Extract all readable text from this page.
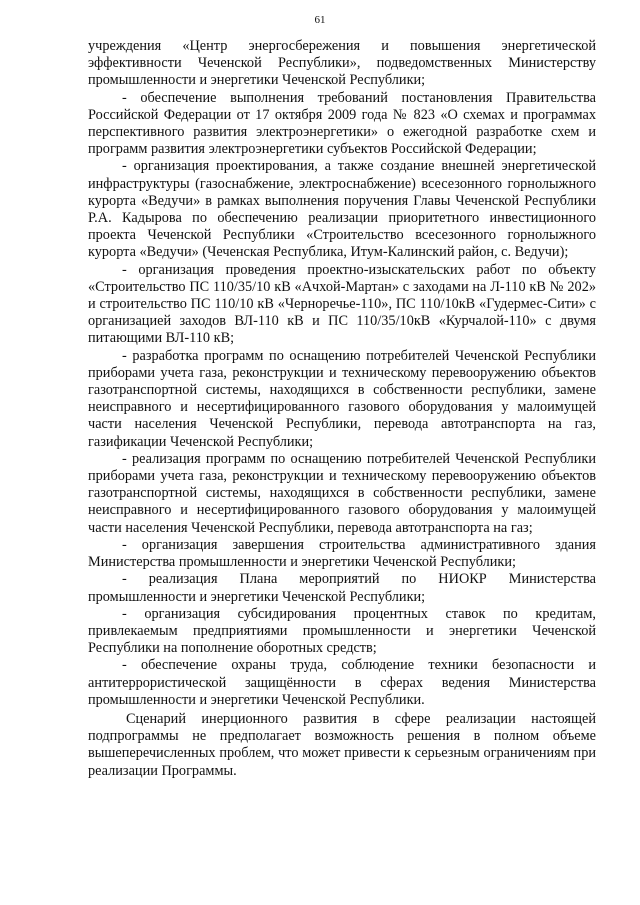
61

учреждения «Центр энергосбережения и повышения энергетической эффективности Чеченской Республики», подведомственных Министерству промышленности и энергетики Чеченской Республики;

- обеспечение выполнения требований постановления Правительства Российской Федерации от 17 октября 2009 года № 823 «О схемах и программах перспективного развития электроэнергетики» о ежегодной разработке схем и программ развития электроэнергетики субъектов Российской Федерации;

- организация проектирования, а также создание внешней энергетической инфраструктуры (газоснабжение, электроснабжение) всесезонного горнолыжного курорта «Ведучи» в рамках выполнения поручения Главы Чеченской Республики Р.А. Кадырова по обеспечению реализации приоритетного инвестиционного проекта Чеченской Республики «Строительство всесезонного горнолыжного курорта «Ведучи» (Чеченская Республика, Итум-Калинский район, с. Ведучи);

- организация проведения проектно-изыскательских работ по объекту «Строительство ПС 110/35/10 кВ «Ачхой-Мартан» с заходами на Л-110 кВ № 202» и строительство ПС 110/10 кВ «Черноречье-110», ПС 110/10кВ «Гудермес-Сити» с организацией заходов ВЛ-110 кВ и ПС 110/35/10кВ «Курчалой-110» с двумя питающими ВЛ-110 кВ;

- разработка программ по оснащению потребителей Чеченской Республики приборами учета газа, реконструкции и техническому перевооружению объектов газотранспортной системы, находящихся в собственности республики, замене неисправного и несертифицированного газового оборудования у малоимущей части населения Чеченской Республики, перевода автотранспорта на газ, газификации Чеченской Республики;

- реализация программ по оснащению потребителей Чеченской Республики приборами учета газа, реконструкции и техническому перевооружению объектов газотранспортной системы, находящихся в собственности республики, замене неисправного и несертифицированного газового оборудования у малоимущей части населения Чеченской Республики, перевода автотранспорта на газ;

- организация завершения строительства административного здания Министерства промышленности и энергетики Чеченской Республики;

- реализация Плана мероприятий по НИОКР Министерства промышленности и энергетики Чеченской Республики;

- организация субсидирования процентных ставок по кредитам, привлекаемым предприятиями промышленности и энергетики Чеченской Республики на пополнение оборотных средств;

- обеспечение охраны труда, соблюдение техники безопасности и антитеррористической защищённости в сферах ведения Министерства промышленности и энергетики Чеченской Республики.

Сценарий инерционного развития в сфере реализации настоящей подпрограммы не предполагает возможность решения в полном объеме вышеперечисленных проблем, что может привести к серьезным ограничениям при реализации Программы.
